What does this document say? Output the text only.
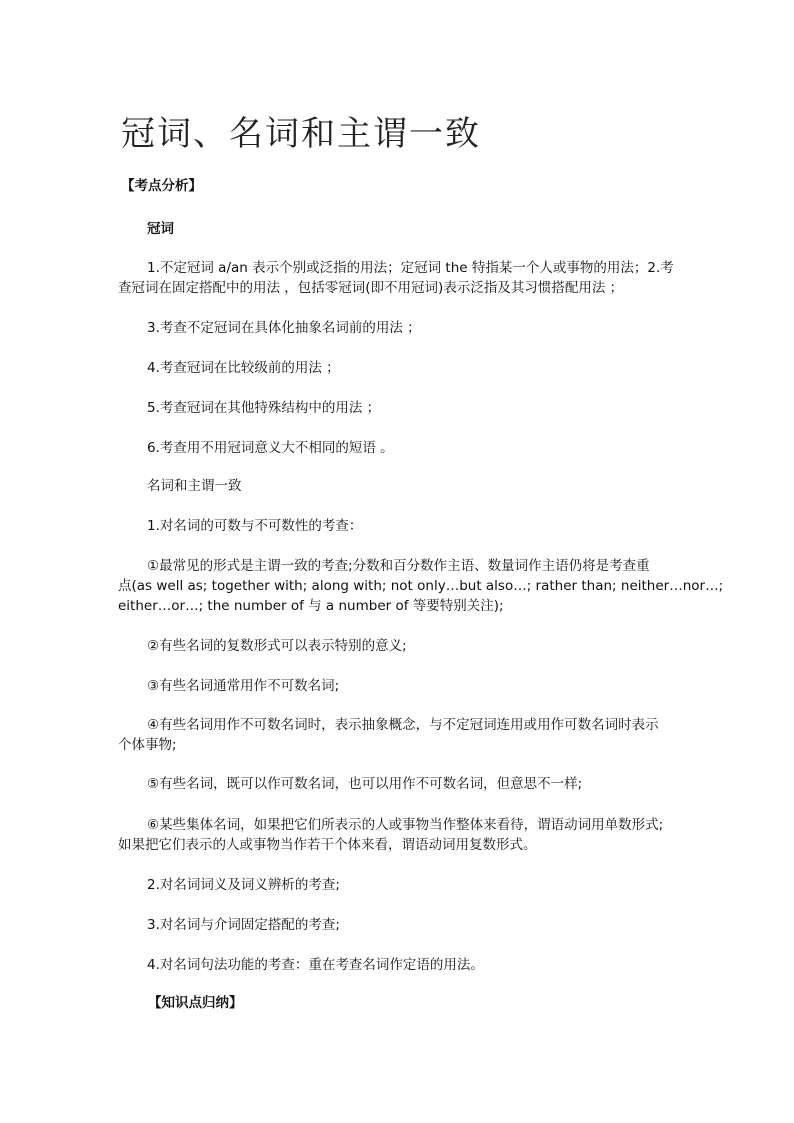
冠词、名词和主谓一致

【考点分析】

冠词

1.不定冠词 a/an 表示个别或泛指的用法；定冠词 the 特指某一个人或事物的用法；2.考

查冠词在固定搭配中的用法 ，包括零冠词(即不用冠词)表示泛指及其习惯搭配用法 ；

3.考查不定冠词在具体化抽象名词前的用法 ；

4.考查冠词在比较级前的用法 ；

5.考查冠词在其他特殊结构中的用法 ；

6.考查用不用冠词意义大不相同的短语 。

名词和主谓一致

1.对名词的可数与不可数性的考查：

①最常见的形式是主谓一致的考查;分数和百分数作主语、数量词作主语仍将是考查重

点(as well as; together with; along with; not only…but also…; rather than; neither…nor…;

either…or…; the number of 与 a number of 等要特别关注);

②有些名词的复数形式可以表示特别的意义;

③有些名词通常用作不可数名词;

④有些名词用作不可数名词时，表示抽象概念，与不定冠词连用或用作可数名词时表示

个体事物;

⑤有些名词，既可以作可数名词，也可以用作不可数名词，但意思不一样;

⑥某些集体名词，如果把它们所表示的人或事物当作整体来看待，谓语动词用单数形式;

如果把它们表示的人或事物当作若干个体来看，谓语动词用复数形式。

2.对名词词义及词义辨析的考查;

3.对名词与介词固定搭配的考查;

4.对名词句法功能的考查：重在考查名词作定语的用法。

【知识点归纳】
